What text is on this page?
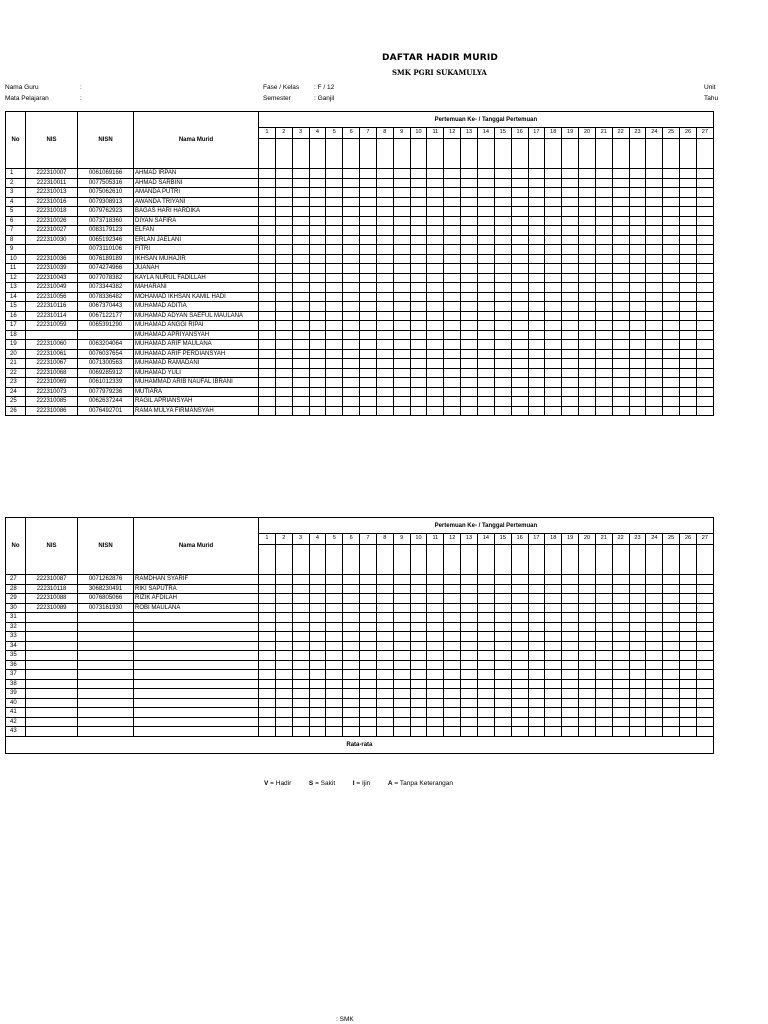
DAFTAR HADIR MURID
SMK PGRI SUKAMULYA
Nama Guru	:
Mata Pelajaran	:
Fase / Kelas : F / 12
Semester	: Ganjil
Unit
Tahu
No	NIS	NISN	Nama Murid	Pertemuan Ke- / Tanggal Pertemuan																										
				1	2	3	4	5	6	7	8	9	10	11	12	13	14	15	16	17	18	19	20	21	22	23	24	25	26	27

1	222310007	0061069166	AHMAD IRPAN																											
2	222310011	0077505316	AHMAD SARBINI																											
3	222310013	0075062610	AMANDA PUTRI																											
4	222310016	0079308913	AWANDA TRIYANI																											
5	222310018	0079762923	BAGAS HARI HARDIKA																											
6	222310026	0073718360	DIYAN SAFIRA																											
7	222310027	0083179123	ELFAN																											
8	222310030	0065192346	ERLAN JAELANI																											
9		0073110106	FITRI																											
10	222310036	0076189189	IKHSAN MUHAJIR																											
11	222310039	0074274966	JUANAH																											
12	222310043	0077078382	KAYLA NURUL FADILLAH																											
13	222310049	0073344382	MAHARANI																											
14	222310056	0078336482	MOHAMAD IKHSAN KAMIL HADI																											
15	222310116	0067370443	MUHAMAD ADITIA																											
16	222310114	0067122177	MUHAMAD ADYAN SAEFUL MAULANA																											
17	222310059	0065391290	MUHAMAD ANGGI RIPAI																											
18			MUHAMAD APRIYANSYAH																											
19	222310060	0063204064	MUHAMAD ARIF MAULANA																											
20	222310061	0076037654	MUHAMAD ARIF PERDIANSYAH																											
21	222310067	0071300563	MUHAMAD RAMADANI																											
22	222310068	0069285912	MUHAMAD YULI																											
23	222310069	0061012339	MUHAMMAD ARIB NAUFAL IBRANI																											
24	222310073	0077979236	MUTIARA																											
25	222310085	0062637244	RAGIL APRIANSYAH																											
26	222310086	0076492701	RAMA MULYA FIRMANSYAH																											
No	NIS	NISN	Nama Murid	Pertemuan Ke- / Tanggal Pertemuan																										
				1	2	3	4	5	6	7	8	9	10	11	12	13	14	15	16	17	18	19	20	21	22	23	24	25	26	27

27	222310087	0071262876	RAMDHAN SYARIF																											
28	222310118	3068230491	RIKI SAPUTRA																											
29	222310088	0076805066	RIZIK AFDILAH																											
30	222310089	0073161930	ROBI MAULANA																											
31																														
32																														
33																														
34																														
35																														
36																														
37																														
38																														
39																														
40																														
41																														
42																														
43																														
Rata-rata																														
V = Hadir	S = Sakit	I = Ijin	A = Tanpa Keterangan
: SMK
